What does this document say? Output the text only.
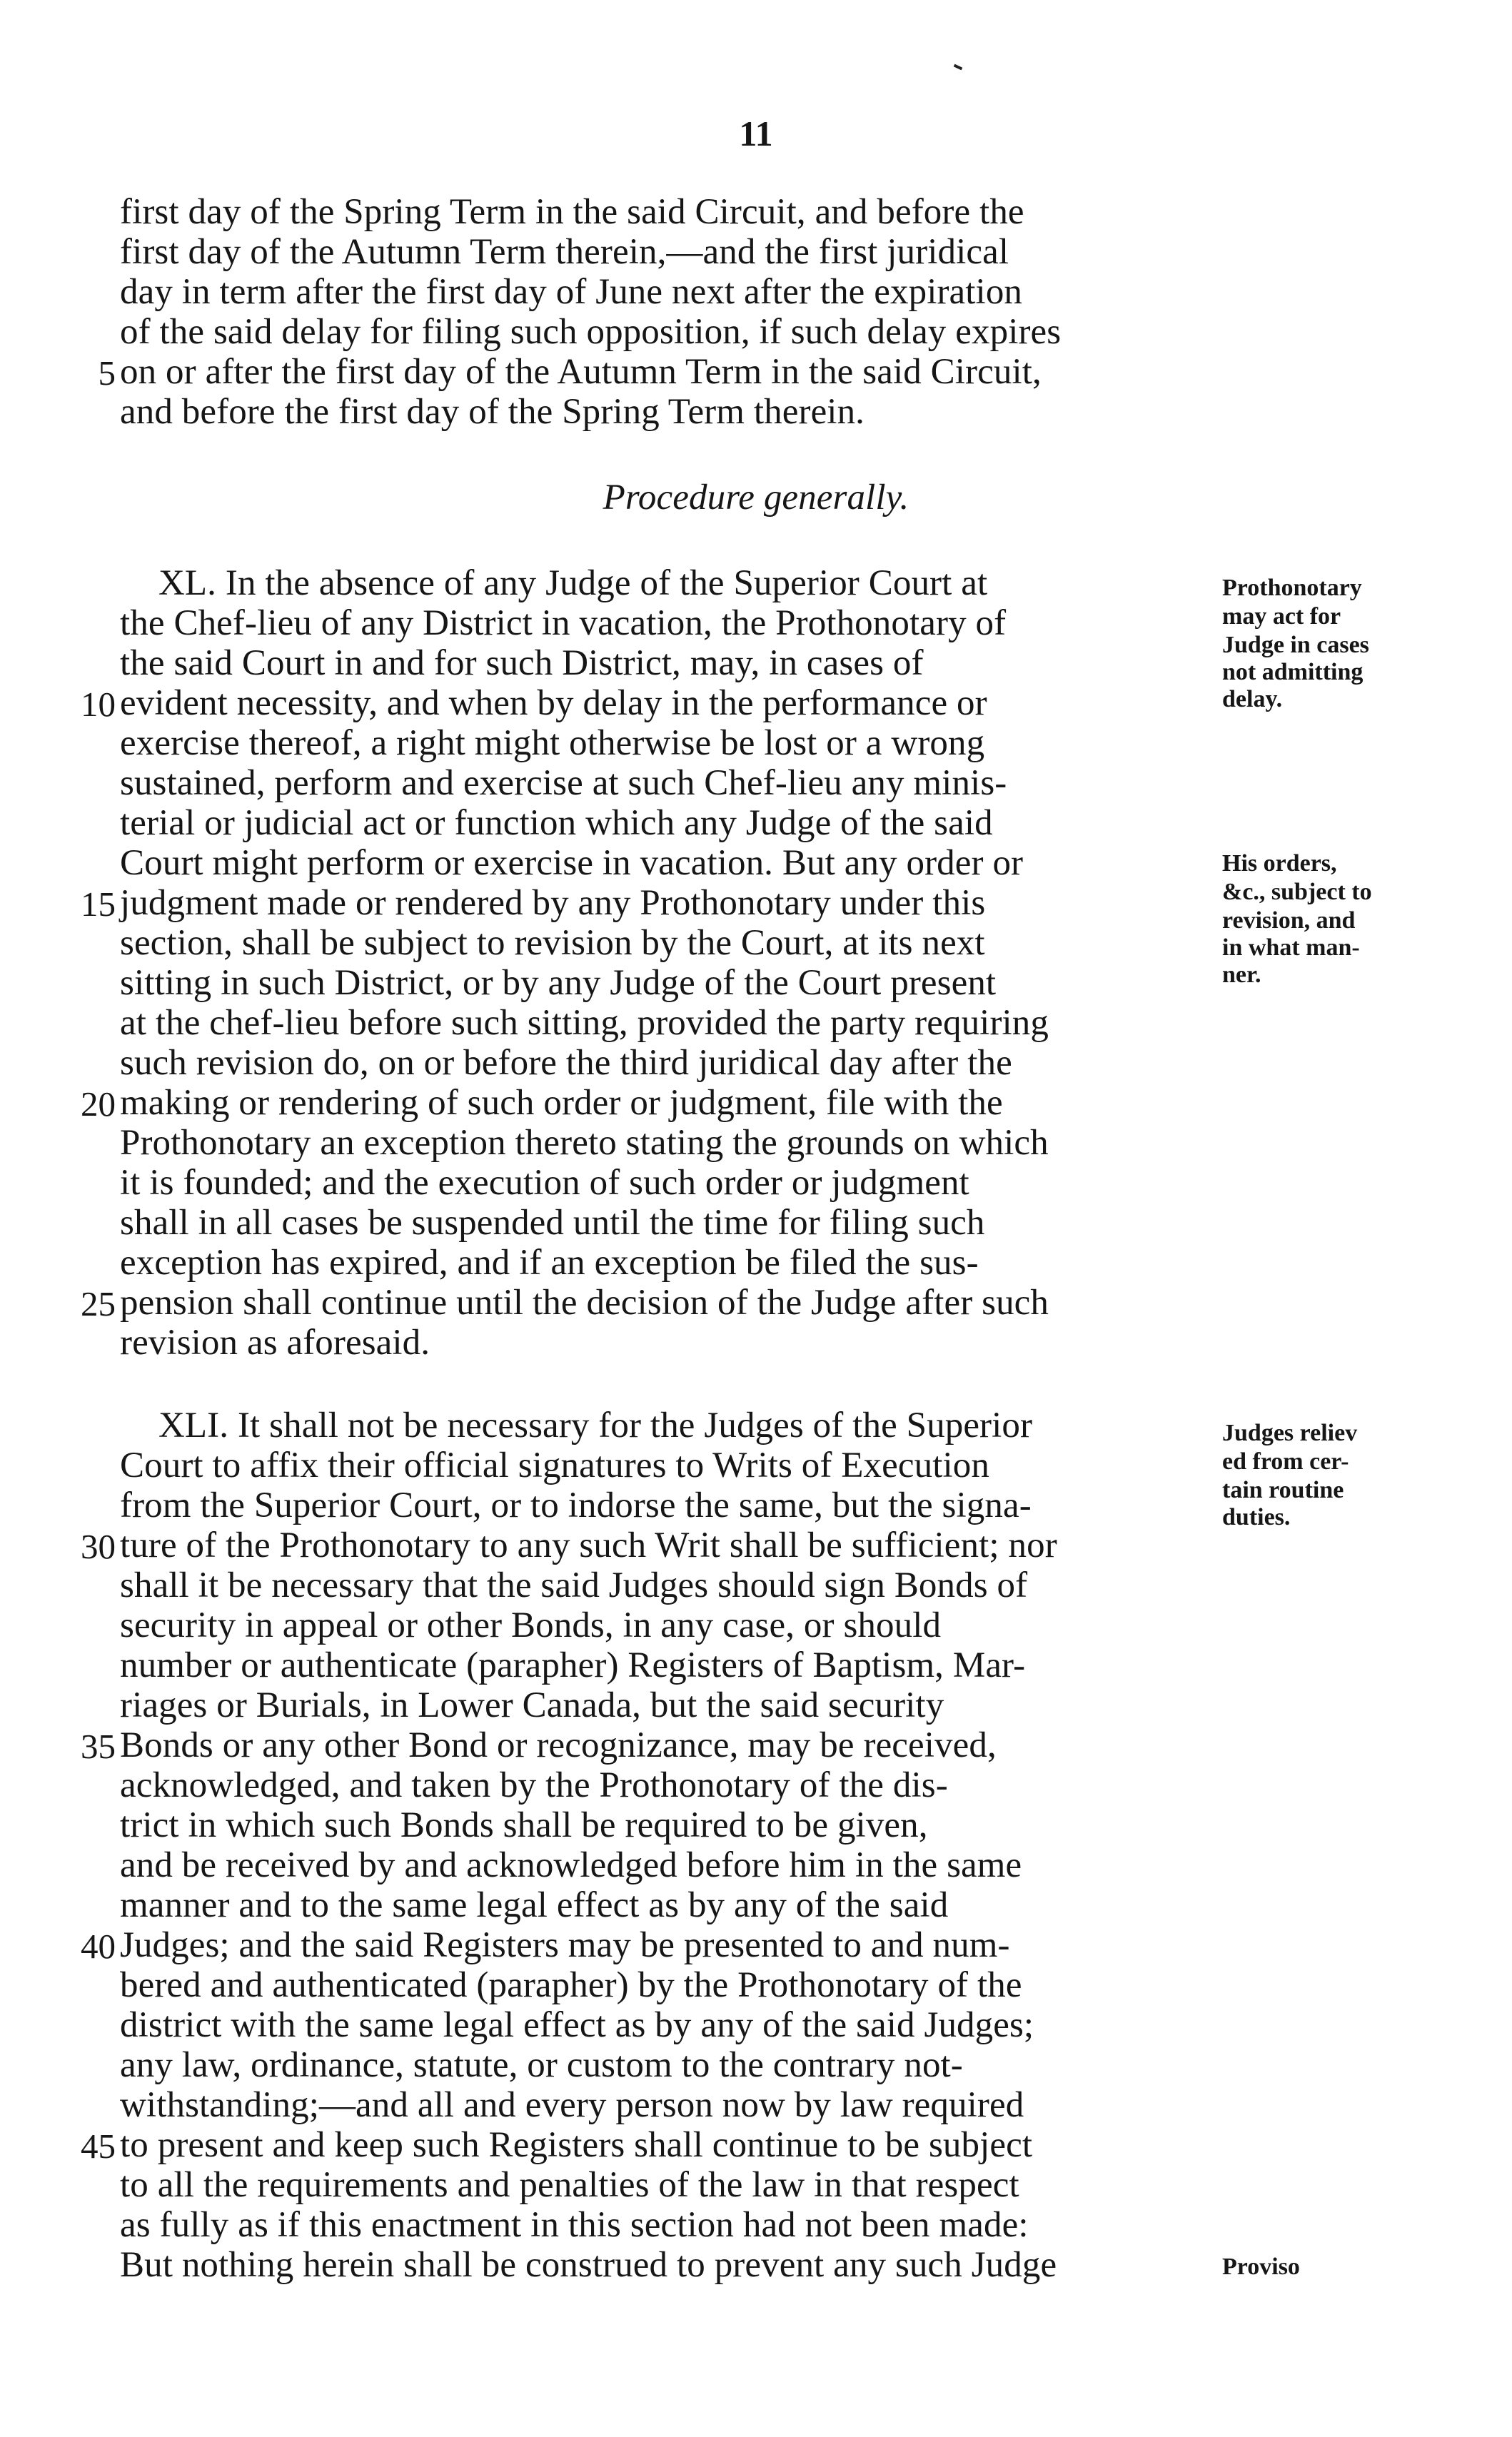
11
first day of the Spring Term in the said Circuit, and before the
first day of the Autumn Term therein,—and the first juridical
day in term after the first day of June next after the expiration
of the said delay for filing such opposition, if such delay expires
on or after the first day of the Autumn Term in the said Circuit,
and before the first day of the Spring Term therein.
Procedure generally.
XL. In the absence of any Judge of the Superior Court at
the Chef-lieu of any District in vacation, the Prothonotary of
the said Court in and for such District, may, in cases of
evident necessity, and when by delay in the performance or
exercise thereof, a right might otherwise be lost or a wrong
sustained, perform and exercise at such Chef-lieu any minis-
terial or judicial act or function which any Judge of the said
Court might perform or exercise in vacation. But any order or
judgment made or rendered by any Prothonotary under this
section, shall be subject to revision by the Court, at its next
sitting in such District, or by any Judge of the Court present
at the chef-lieu before such sitting, provided the party requiring
such revision do, on or before the third juridical day after the
making or rendering of such order or judgment, file with the
Prothonotary an exception thereto stating the grounds on which
it is founded; and the execution of such order or judgment
shall in all cases be suspended until the time for filing such
exception has expired, and if an exception be filed the sus-
pension shall continue until the decision of the Judge after such
revision as aforesaid.
XLI. It shall not be necessary for the Judges of the Superior
Court to affix their official signatures to Writs of Execution
from the Superior Court, or to indorse the same, but the signa-
ture of the Prothonotary to any such Writ shall be sufficient; nor
shall it be necessary that the said Judges should sign Bonds of
security in appeal or other Bonds, in any case, or should
number or authenticate (parapher) Registers of Baptism, Mar-
riages or Burials, in Lower Canada, but the said security
Bonds or any other Bond or recognizance, may be received,
acknowledged, and taken by the Prothonotary of the dis-
trict in which such Bonds shall be required to be given,
and be received by and acknowledged before him in the same
manner and to the same legal effect as by any of the said
Judges; and the said Registers may be presented to and num-
bered and authenticated (parapher) by the Prothonotary of the
district with the same legal effect as by any of the said Judges;
any law, ordinance, statute, or custom to the contrary not-
withstanding;—and all and every person now by law required
to present and keep such Registers shall continue to be subject
to all the requirements and penalties of the law in that respect
as fully as if this enactment in this section had not been made:
But nothing herein shall be construed to prevent any such Judge
5
10
15
20
25
30
35
40
45
Prothonotary
may act for
Judge in cases
not admitting
delay.
His orders,
&c., subject to
revision, and
in what man-
ner.
Judges reliev
ed from cer-
tain routine
duties.
Proviso
